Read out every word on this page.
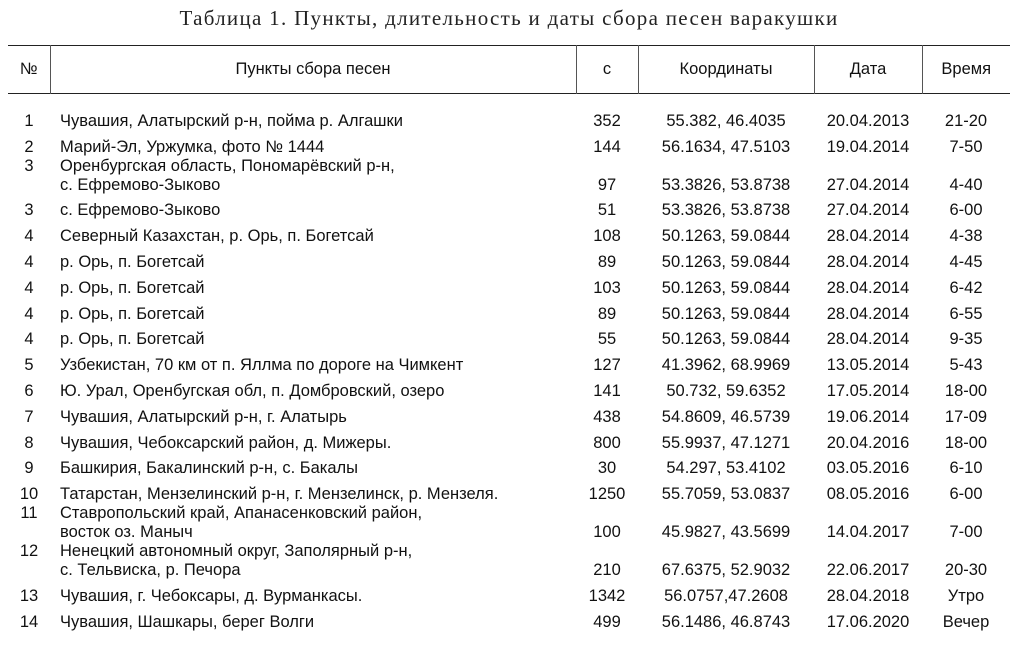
Таблица 1. Пункты, длительность и даты сбора песен варакушки
№	Пункты сбора песен	с	Координаты	Дата	Время
1	Чувашия, Алатырский р-н, пойма р. Алгашки	352	55.382, 46.4035	20.04.2013	21-20
2	Марий-Эл, Уржумка, фото № 1444	144	56.1634, 47.5103	19.04.2014	7-50
3	Оренбургская область, Пономарёвский р-н,
с. Ефремово-Зыково	97	53.3826, 53.8738	27.04.2014	4-40
3	с. Ефремово-Зыково	51	53.3826, 53.8738	27.04.2014	6-00
4	Северный Казахстан, р. Орь, п. Богетсай	108	50.1263, 59.0844	28.04.2014	4-38
4	р. Орь, п. Богетсай	89	50.1263, 59.0844	28.04.2014	4-45
4	р. Орь, п. Богетсай	103	50.1263, 59.0844	28.04.2014	6-42
4	р. Орь, п. Богетсай	89	50.1263, 59.0844	28.04.2014	6-55
4	р. Орь, п. Богетсай	55	50.1263, 59.0844	28.04.2014	9-35
5	Узбекистан, 70 км от п. Яллма по дороге на Чимкент	127	41.3962, 68.9969	13.05.2014	5-43
6	Ю. Урал, Оренбугская обл, п. Домбровский, озеро	141	50.732, 59.6352	17.05.2014	18-00
7	Чувашия, Алатырский р-н, г. Алатырь	438	54.8609, 46.5739	19.06.2014	17-09
8	Чувашия, Чебоксарский район, д. Мижеры.	800	55.9937, 47.1271	20.04.2016	18-00
9	Башкирия, Бакалинский р-н, с. Бакалы	30	54.297, 53.4102	03.05.2016	6-10
10	Татарстан, Мензелинский р-н, г. Мензелинск, р. Мензеля.	1250	55.7059, 53.0837	08.05.2016	6-00
11	Ставропольский край, Апанасенковский район,
восток оз. Маныч	100	45.9827, 43.5699	14.04.2017	7-00
12	Ненецкий автономный округ, Заполярный р-н,
с. Тельвиска, р. Печора	210	67.6375, 52.9032	22.06.2017	20-30
13	Чувашия, г. Чебоксары, д. Вурманкасы.	1342	56.0757,47.2608	28.04.2018	Утро
14	Чувашия, Шашкары, берег Волги	499	56.1486, 46.8743	17.06.2020	Вечер
